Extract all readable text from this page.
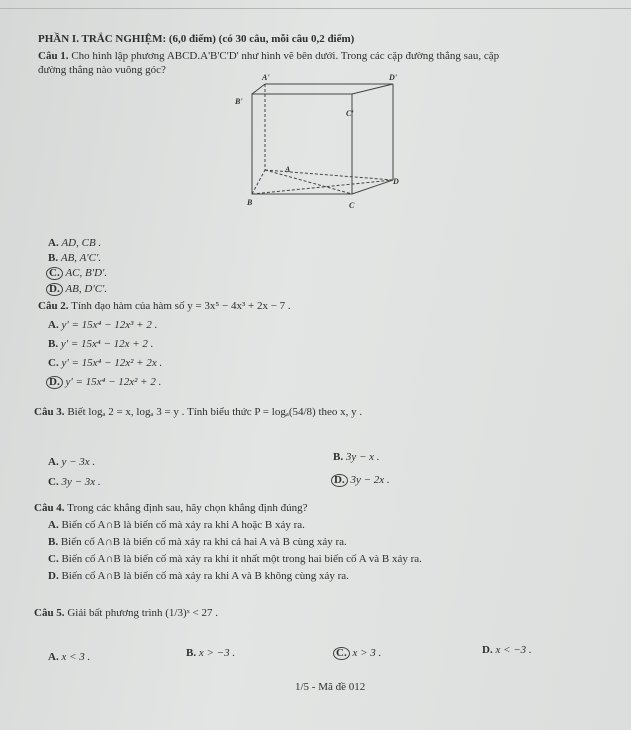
PHẦN I. TRẮC NGHIỆM: (6,0 điểm) (có 30 câu, mỗi câu 0,2 điểm)
Câu 1. Cho hình lập phương ABCD.A'B'C'D' như hình vẽ bên dưới. Trong các cặp đường thẳng sau, cặp
đường thẳng nào vuông góc?
A'	D'
B'
C'
A
D
B	C
A. AD, CB .
B. AB, A'C'.
C. AC, B'D'.
D. AB, D'C'.
Câu 2. Tính đạo hàm của hàm số y = 3x⁵ − 4x³ + 2x − 7 .
A. y' = 15x⁴ − 12x³ + 2 .
B. y' = 15x⁴ − 12x + 2 .
C. y' = 15x⁴ − 12x² + 2x .
D. y' = 15x⁴ − 12x² + 2 .
Câu 3. Biết logₐ 2 = x, logₐ 3 = y . Tính biểu thức P = logₐ(54/8) theo x, y .
A. y − 3x .	B. 3y − x .
C. 3y − 3x .	D. 3y − 2x .
Câu 4. Trong các khẳng định sau, hãy chọn khẳng định đúng?
A. Biến cố A∩B là biến cố mà xảy ra khi A hoặc B xảy ra.
B. Biến cố A∩B là biến cố mà xảy ra khi cả hai A và B cùng xảy ra.
C. Biến cố A∩B là biến cố mà xảy ra khi ít nhất một trong hai biến cố A và B xảy ra.
D. Biến cố A∩B là biến cố mà xảy ra khi A và B không cùng xảy ra.
Câu 5. Giải bất phương trình (1/3)ˣ < 27 .
A. x < 3 .	B. x > −3 .	C. x > 3 .	D. x < −3 .
1/5 - Mã đề 012
